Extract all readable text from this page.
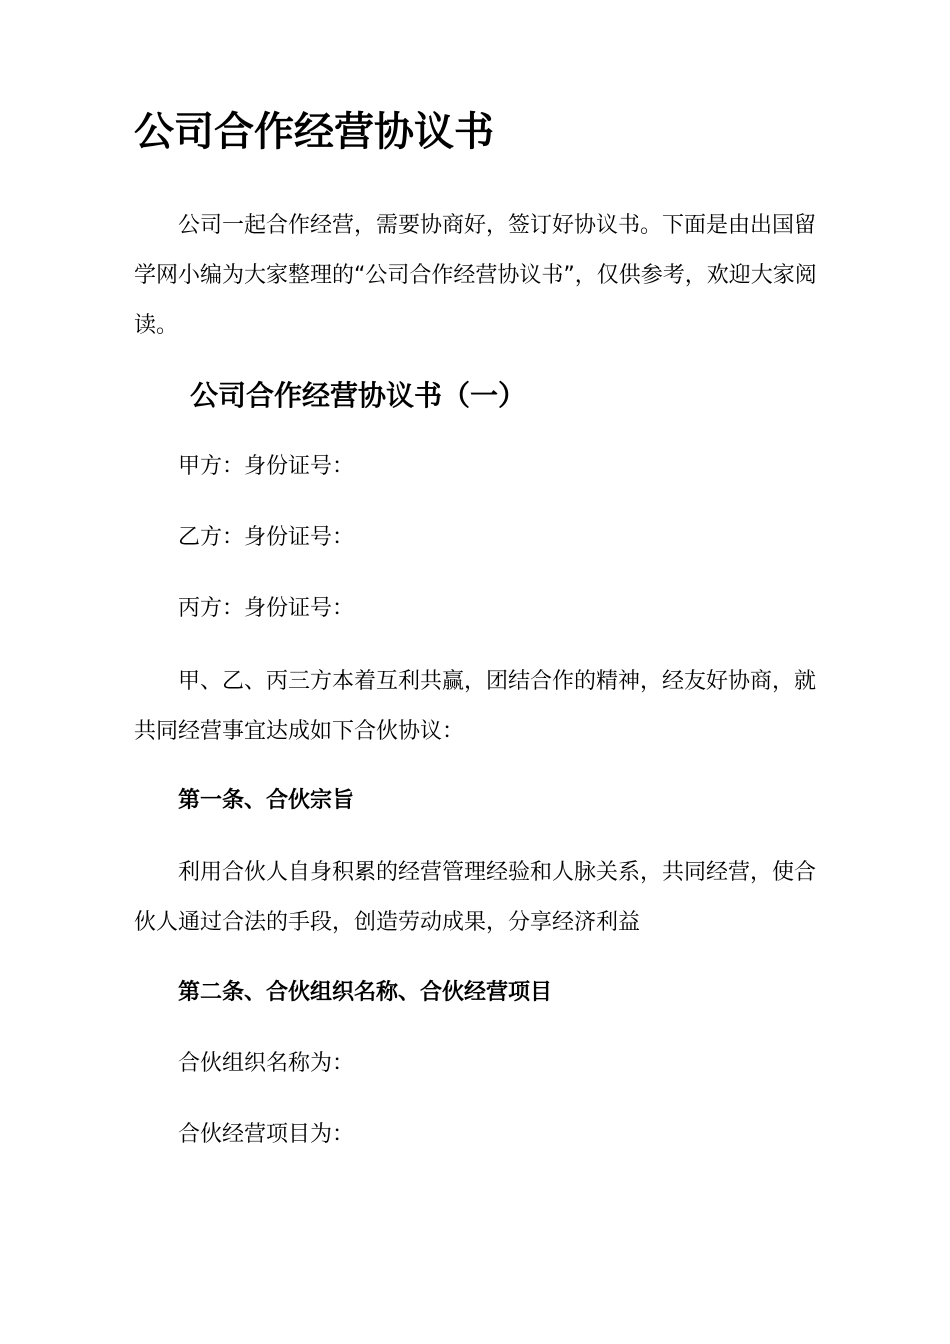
公司合作经营协议书

公司一起合作经营，需要协商好，签订好协议书。下面是由出国留学网小编为大家整理的“公司合作经营协议书”，仅供参考，欢迎大家阅读。

公司合作经营协议书（一）

甲方：身份证号：

乙方：身份证号：

丙方：身份证号：

甲、乙、丙三方本着互利共赢，团结合作的精神，经友好协商，就共同经营事宜达成如下合伙协议：

第一条、合伙宗旨

利用合伙人自身积累的经营管理经验和人脉关系，共同经营，使合伙人通过合法的手段，创造劳动成果，分享经济利益

第二条、合伙组织名称、合伙经营项目

合伙组织名称为：

合伙经营项目为：
